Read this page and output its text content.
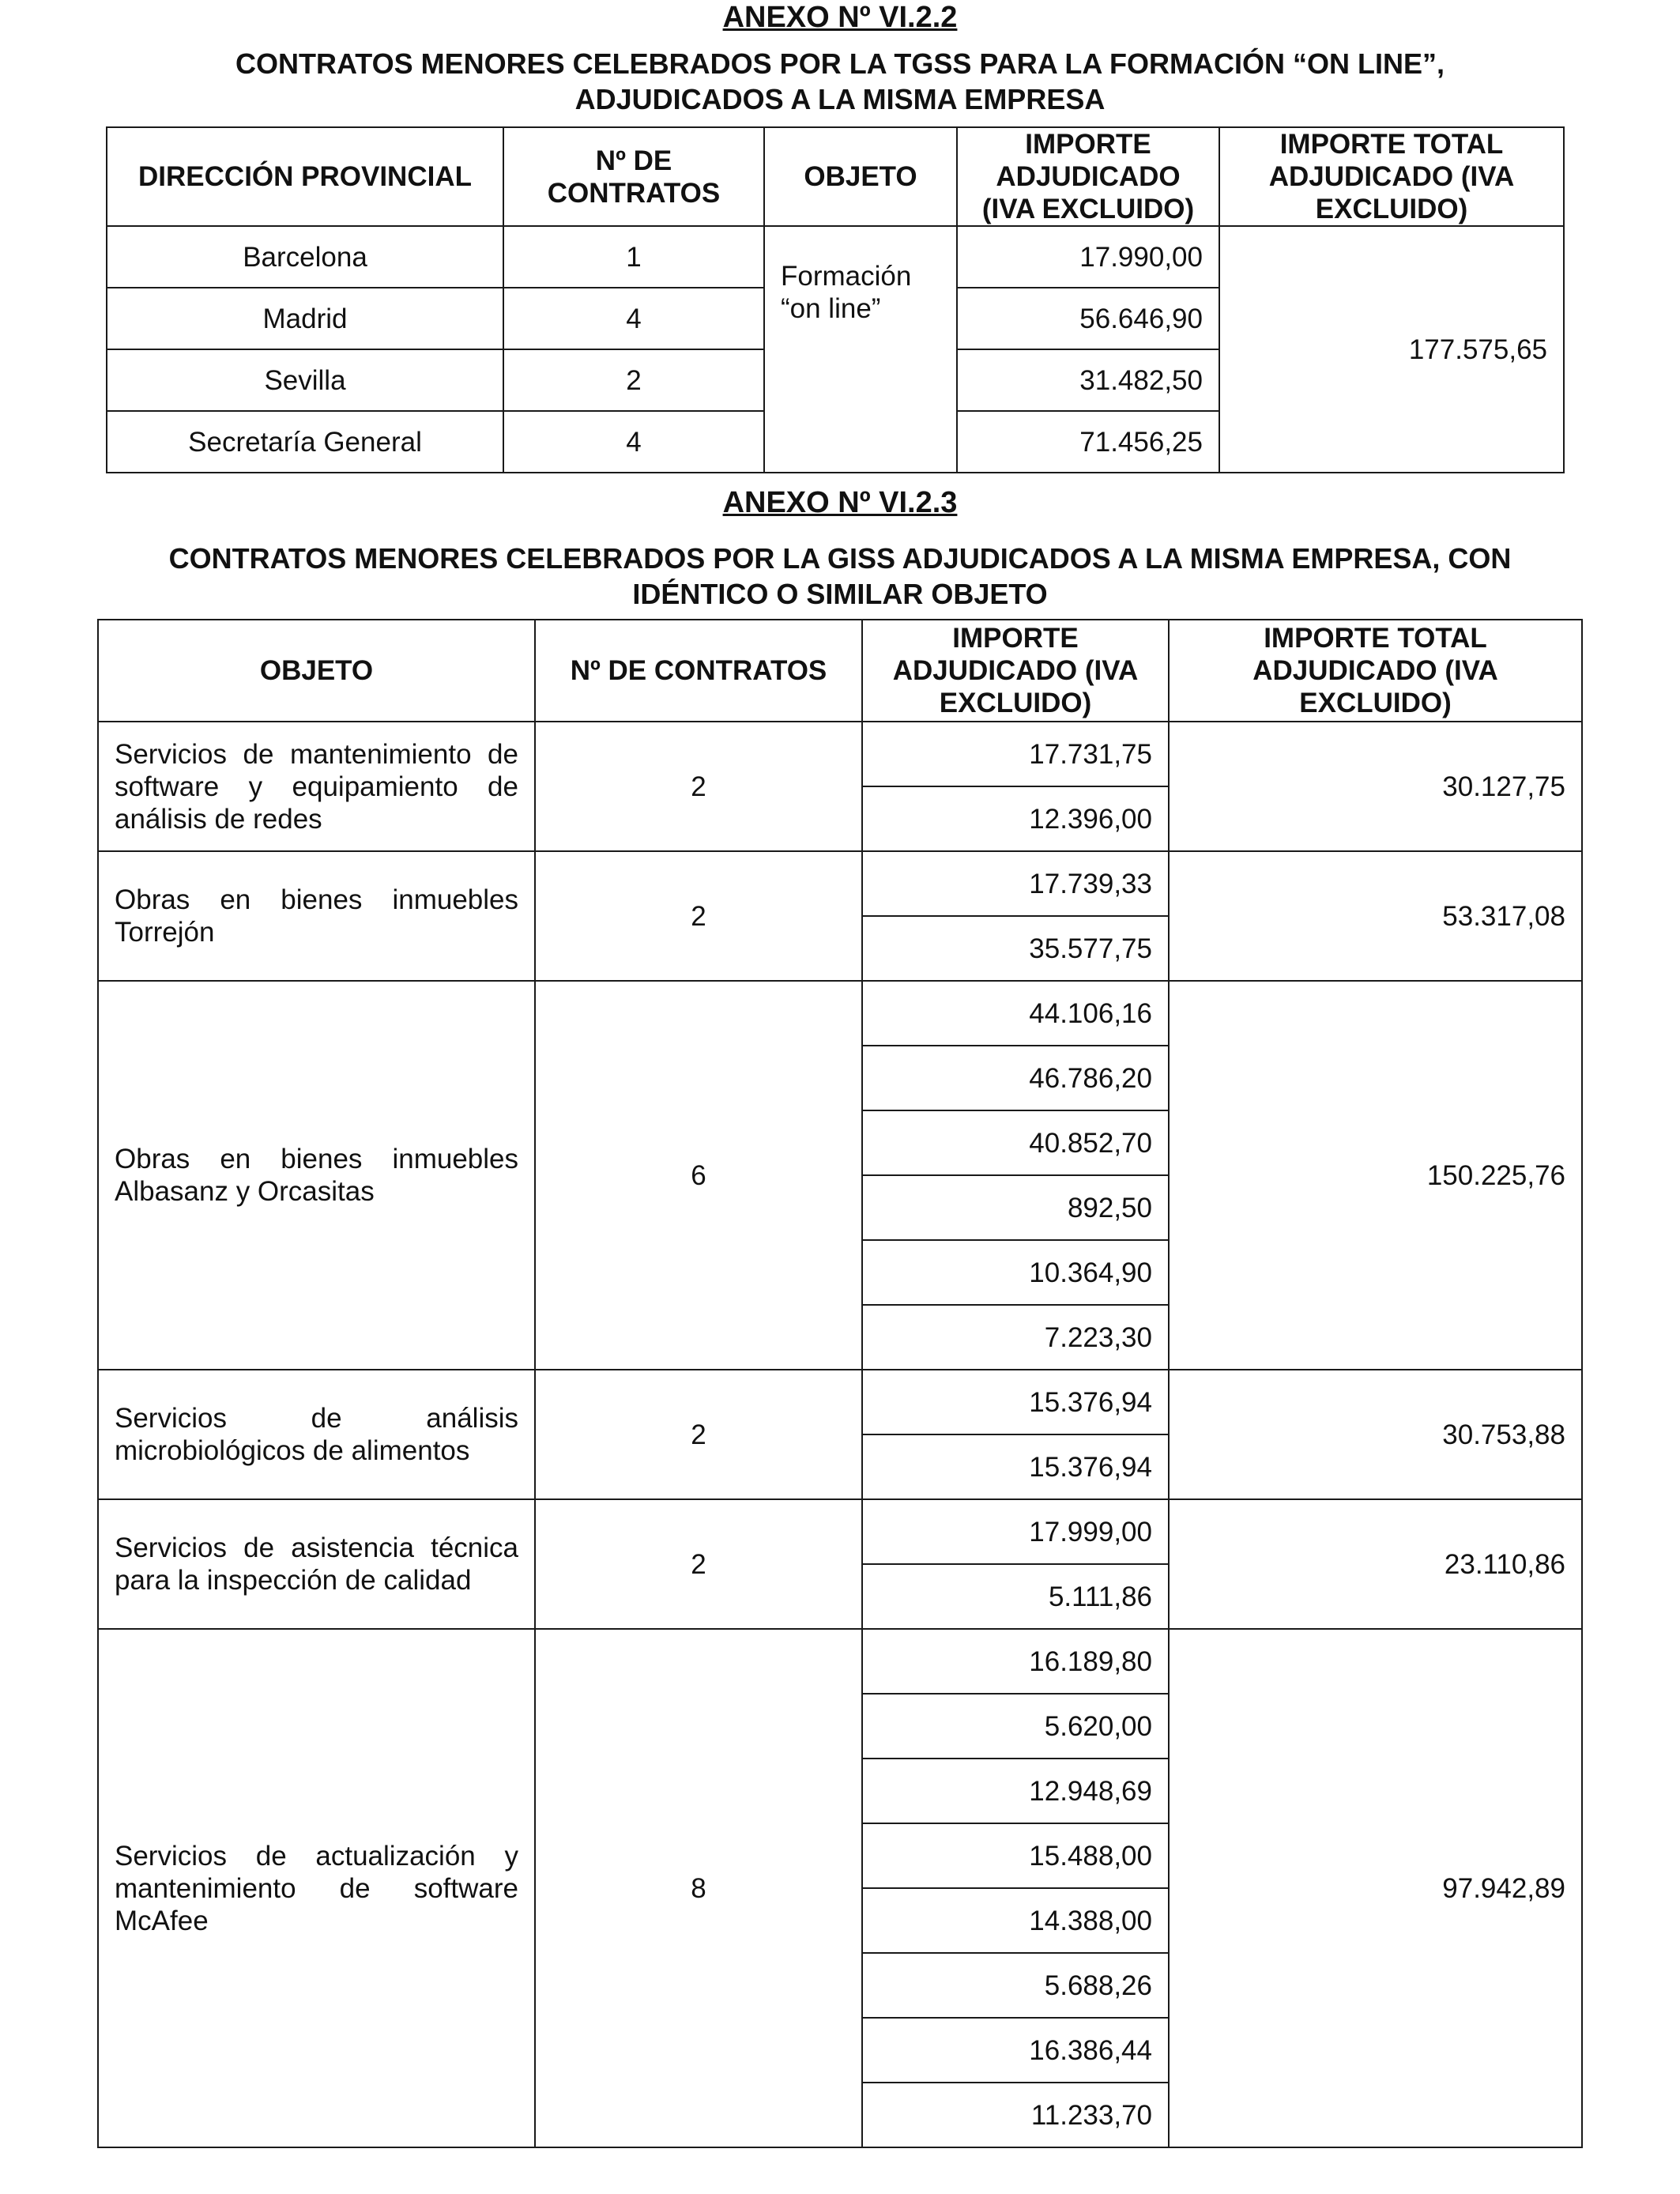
ANEXO Nº VI.2.2
CONTRATOS MENORES CELEBRADOS POR LA TGSS PARA LA FORMACIÓN “ON LINE”,
ADJUDICADOS A LA MISMA EMPRESA
DIRECCIÓN PROVINCIAL	Nº DE CONTRATOS	OBJETO	IMPORTE ADJUDICADO (IVA EXCLUIDO)	IMPORTE TOTAL ADJUDICADO (IVA EXCLUIDO)
Barcelona	1	Formación “on line”	17.990,00	177.575,65
Madrid	4		56.646,90	
Sevilla	2		31.482,50	
Secretaría General	4		71.456,25	
ANEXO Nº VI.2.3
CONTRATOS MENORES CELEBRADOS POR LA GISS ADJUDICADOS A LA MISMA EMPRESA, CON
IDÉNTICO O SIMILAR OBJETO
OBJETO	Nº DE CONTRATOS	IMPORTE ADJUDICADO (IVA EXCLUIDO)	IMPORTE TOTAL ADJUDICADO (IVA EXCLUIDO)
Servicios de mantenimiento de software y equipamiento de análisis de redes	2	17.731,75	30.127,75
		12.396,00	
Obras en bienes inmuebles Torrejón	2	17.739,33	53.317,08
		35.577,75	
Obras en bienes inmuebles Albasanz y Orcasitas	6	44.106,16	150.225,76
		46.786,20	
		40.852,70	
		892,50	
		10.364,90	
		7.223,30	
Servicios de análisis microbiológicos de alimentos	2	15.376,94	30.753,88
		15.376,94	
Servicios de asistencia técnica para la inspección de calidad	2	17.999,00	23.110,86
		5.111,86	
Servicios de actualización y mantenimiento de software McAfee	8	16.189,80	97.942,89
		5.620,00	
		12.948,69	
		15.488,00	
		14.388,00	
		5.688,26	
		16.386,44	
		11.233,70	
